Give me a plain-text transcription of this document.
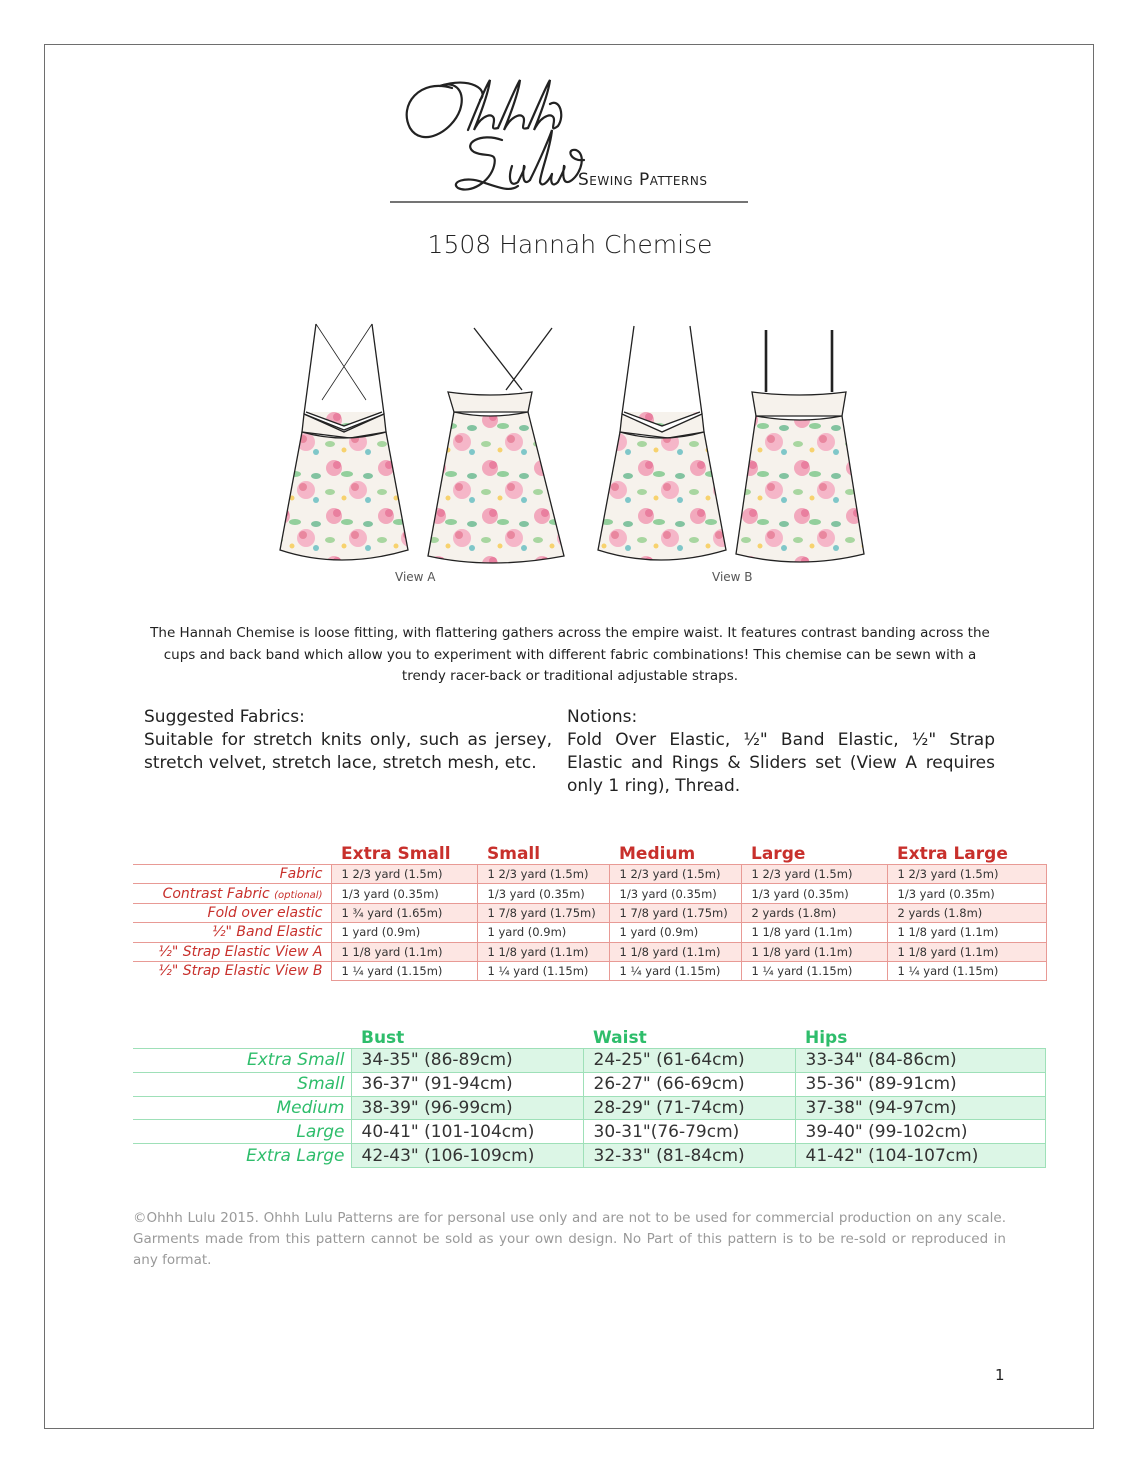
Sewing Patterns
1508 Hannah Chemise
View A	View B
The Hannah Chemise is loose fitting, with flattering gathers across the empire waist. It features contrast banding across the cups and back band which allow you to experiment with different fabric combinations! This chemise can be sewn with a trendy racer-back or traditional adjustable straps.
Suggested Fabrics:
Suitable for stretch knits only, such as jersey, stretch velvet, stretch lace, stretch mesh, etc.
Notions:
Fold Over Elastic, ½" Band Elastic, ½" Strap Elastic and Rings & Sliders set (View A requires only 1 ring), Thread.
	Extra Small	Small	Medium	Large	Extra Large
Fabric	1 2/3 yard (1.5m)	1 2/3 yard (1.5m)	1 2/3 yard (1.5m)	1 2/3 yard (1.5m)	1 2/3 yard (1.5m)
Contrast Fabric (optional)	1/3 yard (0.35m)	1/3 yard (0.35m)	1/3 yard (0.35m)	1/3 yard (0.35m)	1/3 yard (0.35m)
Fold over elastic	1 ¾ yard (1.65m)	1 7/8 yard (1.75m)	1 7/8 yard (1.75m)	2 yards (1.8m)	2 yards (1.8m)
½" Band Elastic	1 yard (0.9m)	1 yard (0.9m)	1 yard (0.9m)	1 1/8 yard (1.1m)	1 1/8 yard (1.1m)
½" Strap Elastic View A	1 1/8 yard (1.1m)	1 1/8 yard (1.1m)	1 1/8 yard (1.1m)	1 1/8 yard (1.1m)	1 1/8 yard (1.1m)
½" Strap Elastic View B	1 ¼ yard (1.15m)	1 ¼ yard (1.15m)	1 ¼ yard (1.15m)	1 ¼ yard (1.15m)	1 ¼ yard (1.15m)
	Bust	Waist	Hips
Extra Small	34-35" (86-89cm)	24-25" (61-64cm)	33-34" (84-86cm)
Small	36-37" (91-94cm)	26-27" (66-69cm)	35-36" (89-91cm)
Medium	38-39" (96-99cm)	28-29" (71-74cm)	37-38" (94-97cm)
Large	40-41" (101-104cm)	30-31"(76-79cm)	39-40" (99-102cm)
Extra Large	42-43" (106-109cm)	32-33" (81-84cm)	41-42" (104-107cm)
©Ohhh Lulu 2015. Ohhh Lulu Patterns are for personal use only and are not to be used for commercial production on any scale. Garments made from this pattern cannot be sold as your own design. No Part of this pattern is to be re-sold or reproduced in any format.
1
